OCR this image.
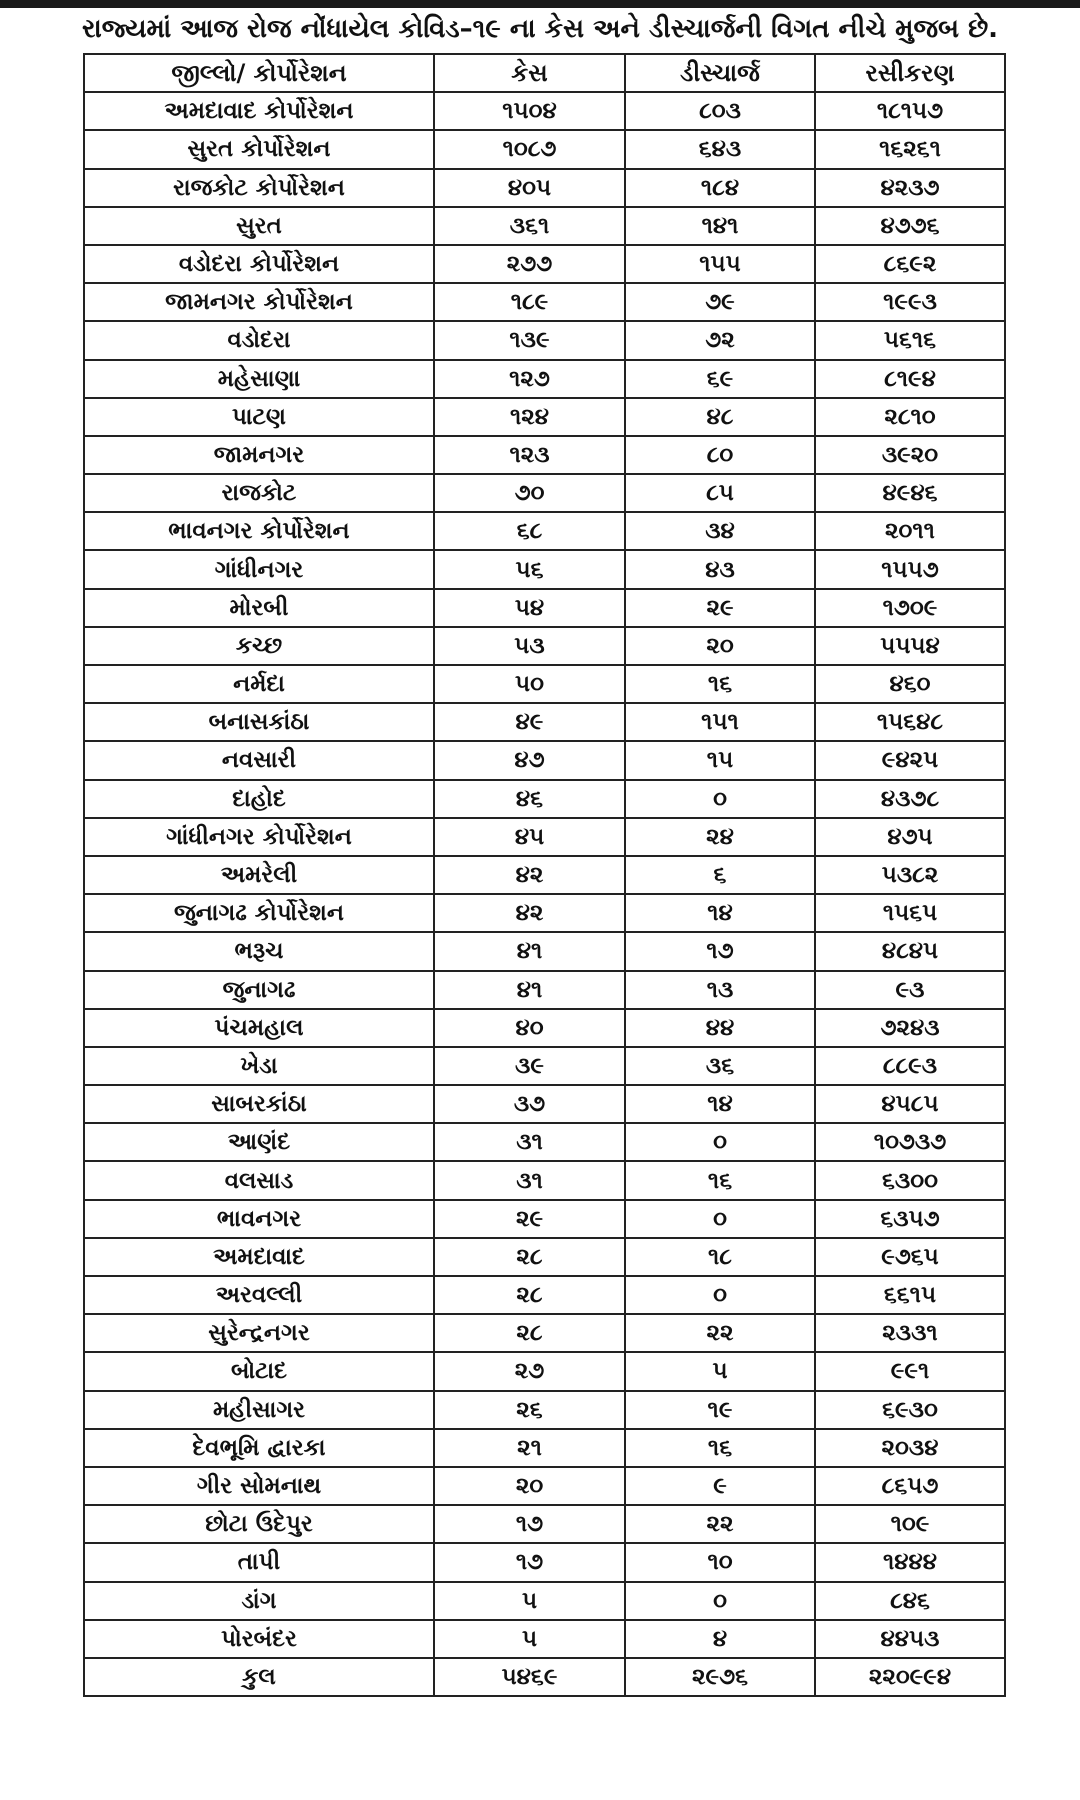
રાજ્યમાં આજ રોજ નોંધાયેલ કોવિડ–૧૯ ના કેસ અને ડીસ્ચાર્જની વિગત નીચે મુજબ છે.
જીલ્લો/ કોર્પોરેશન	કેસ	ડીસ્ચાર્જ	રસીકરણ
અમદાવાદ કોર્પોરેશન	૧૫૦૪	૮૦૩	૧૮૧૫૭
સુરત કોર્પોરેશન	૧૦૮૭	૬૪૩	૧૬૨૬૧
રાજકોટ કોર્પોરેશન	૪૦૫	૧૮૪	૪૨૩૭
સુરત	૩૬૧	૧૪૧	૪૭૭૬
વડોદરા કોર્પોરેશન	૨૭૭	૧૫૫	૮૬૯૨
જામનગર કોર્પોરેશન	૧૮૯	૭૯	૧૯૯૩
વડોદરા	૧૩૯	૭૨	૫૬૧૬
મહેસાણા	૧૨૭	૬૯	૮૧૯૪
પાટણ	૧૨૪	૪૮	૨૮૧૦
જામનગર	૧૨૩	૮૦	૩૯૨૦
રાજકોટ	૭૦	૮૫	૪૯૪૬
ભાવનગર કોર્પોરેશન	૬૮	૩૪	૨૦૧૧
ગાંધીનગર	૫૬	૪૩	૧૫૫૭
મોરબી	૫૪	૨૯	૧૭૦૯
કચ્છ	૫૩	૨૦	૫૫૫૪
નર્મદા	૫૦	૧૬	૪૬૦
બનાસકાંઠા	૪૯	૧૫૧	૧૫૬૪૮
નવસારી	૪૭	૧૫	૯૪૨૫
દાહોદ	૪૬	૦	૪૩૭૮
ગાંધીનગર કોર્પોરેશન	૪૫	૨૪	૪૭૫
અમરેલી	૪૨	૬	૫૩૮૨
જુનાગઢ કોર્પોરેશન	૪૨	૧૪	૧૫૬૫
ભરૂચ	૪૧	૧૭	૪૮૪૫
જુનાગઢ	૪૧	૧૩	૯૩
પંચમહાલ	૪૦	૪૪	૭૨૪૩
ખેડા	૩૯	૩૬	૮૮૯૩
સાબરકાંઠા	૩૭	૧૪	૪૫૮૫
આણંદ	૩૧	૦	૧૦૭૩૭
વલસાડ	૩૧	૧૬	૬૩૦૦
ભાવનગર	૨૯	૦	૬૩૫૭
અમદાવાદ	૨૮	૧૮	૯૭૬૫
અરવલ્લી	૨૮	૦	૬૬૧૫
સુરેન્દ્રનગર	૨૮	૨૨	૨૩૩૧
બોટાદ	૨૭	૫	૯૯૧
મહીસાગર	૨૬	૧૯	૬૯૩૦
દેવભૂમિ દ્વારકા	૨૧	૧૬	૨૦૩૪
ગીર સોમનાથ	૨૦	૯	૮૬૫૭
છોટા ઉદેપુર	૧૭	૨૨	૧૦૯
તાપી	૧૭	૧૦	૧૪૪૪
ડાંગ	૫	૦	૮૪૬
પોરબંદર	૫	૪	૪૪૫૩
કુલ	૫૪૬૯	૨૯૭૬	૨૨૦૯૯૪
